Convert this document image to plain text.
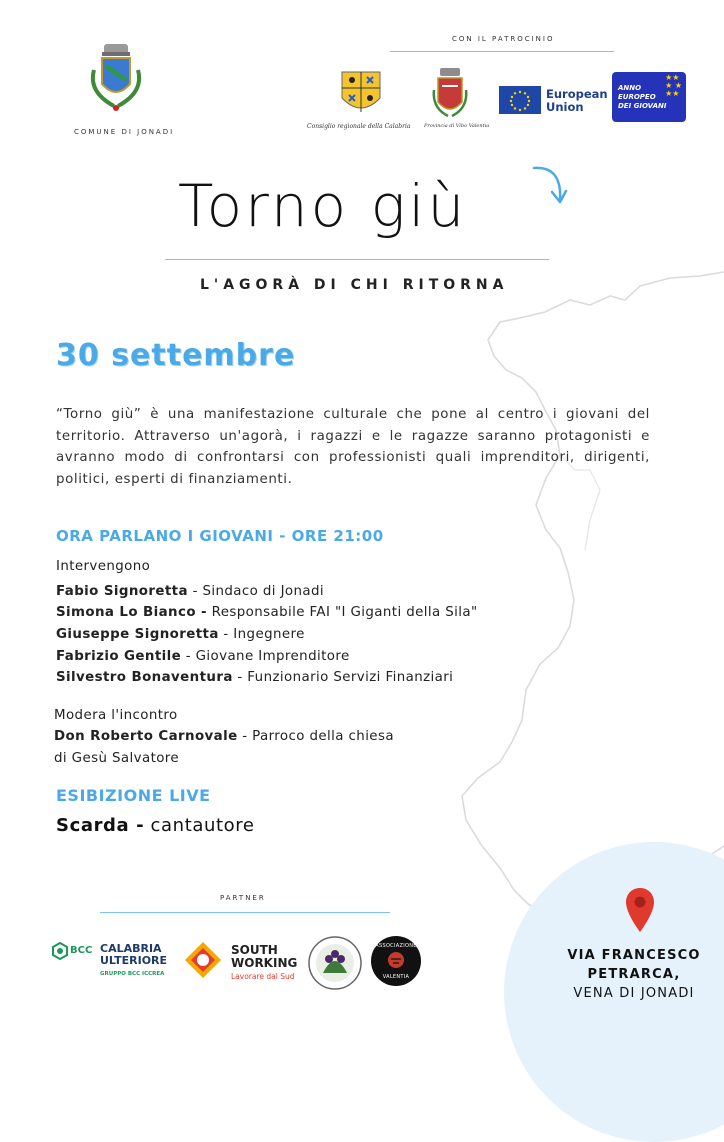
COMUNE DI JONADI
CON IL PATROCINIO
Consiglio regionale della Calabria	Provincia di Vibo Valentia
European
Union
ANNO
EUROPEO
DEI GIOVANI
★★
★ ★
★★
Torno giù
L'AGORÀ DI CHI RITORNA
30 settembre
“Torno giù” è una manifestazione culturale che pone al centro i giovani del territorio. Attraverso un'agorà, i ragazzi e le ragazze saranno protagonisti e avranno modo di confrontarsi con professionisti quali imprenditori, dirigenti, politici, esperti di finanziamenti.
ORA PARLANO I GIOVANI - ORE 21:00
Intervengono
Fabio Signoretta - Sindaco di Jonadi
Simona Lo Bianco - Responsabile FAI "I Giganti della Sila"
Giuseppe Signoretta - Ingegnere
Fabrizio Gentile - Giovane Imprenditore
Silvestro Bonaventura - Funzionario Servizi Finanziari
Modera l'incontro
Don Roberto Carnovale - Parroco della chiesa
di Gesù Salvatore
ESIBIZIONE LIVE
Scarda - cantautore
PARTNER
BCC CALABRIA
ULTERIORE
GRUPPO BCC ICCREA
SOUTH
WORKING
Lavorare dal Sud
ASSOCIAZIONE
VALENTIA
VIA FRANCESCO
PETRARCA,
VENA DI JONADI
